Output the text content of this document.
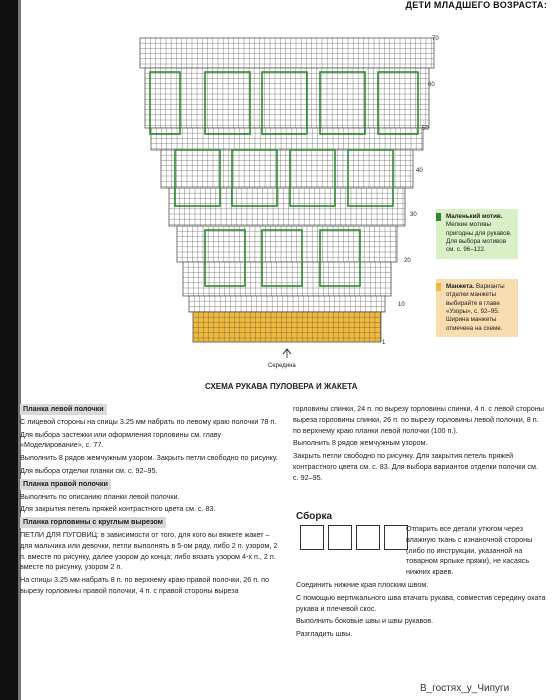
ДЕТИ МЛАДШЕГО ВОЗРАСТА:
70
60
50
40
30
20
10
1
Середина
Маленький мотив. Мелкие мотивы пригодны для рукавов. Для выбора мотивов см. с. 96–122.
Манжета. Варианты отделки манжеты выбирайте в главе «Узоры», с. 92–95. Ширина манжеты отмечена на схеме.
СХЕМА РУКАВА ПУЛОВЕРА И ЖАКЕТА

Планка левой полочки

С лицевой стороны на спицы 3.25 мм набрать по левому краю полочки 78 п.

Для выбора застежки или оформления горловины см. главу «Моделирование», с. 77.

Выполнить 8 рядов жемчужным узором. Закрыть петли свободно по рисунку.

Для выбора отделки планки см. с. 92–95.

Планка правой полочки

Выполнить по описанию планки левой полочки.

Для закрытия петель пряжей контрастного цвета см. с. 83.

Планка горловины с круглым вырезом

ПЕТЛИ ДЛЯ ПУГОВИЦ: в зависимости от того, для кого вы вяжете жакет – для мальчика или девочки, петли выполнять в 5-ом ряду, либо 2 п. узором, 2 п. вместе по рисунку, далее узором до конца; либо вязать узором 4-х п., 2 п. вместе по рисунку, узором 2 п.

На спицы 3.25 мм набрать 8 п. по верхнему краю правой полочки, 26 п. по вырезу горловины правой полочки, 4 п. с правой стороны выреза

горловины спинки, 24 п. по вырезу горловины спинки, 4 п. с левой стороны выреза горловины спинки, 26 п. по вырезу горловины левой полочки, 8 п. по верхнему краю планки левой полочки (100 п.).

Выполнить 8 рядов жемчужным узором.

Закрыть петли свободно по рисунку. Для закрытия петель пряжей контрастного цвета см. с. 83. Для выбора вариантов отделки полочки см. с. 92–95.

Сборка

Отпарить все детали утюгом через влажную ткань с изнаночной стороны (либо по инструкции, указанной на товарном ярлыке пряжи), не касаясь нижних краев.

Соединить нижние края плоским швом.

С помощью вертикального шва втачать рукава, совместив середину оката рукава и плечевой скос.

Выполнить боковые швы и швы рукавов.

Разгладить швы.

В_гостях_у_Чипуги
